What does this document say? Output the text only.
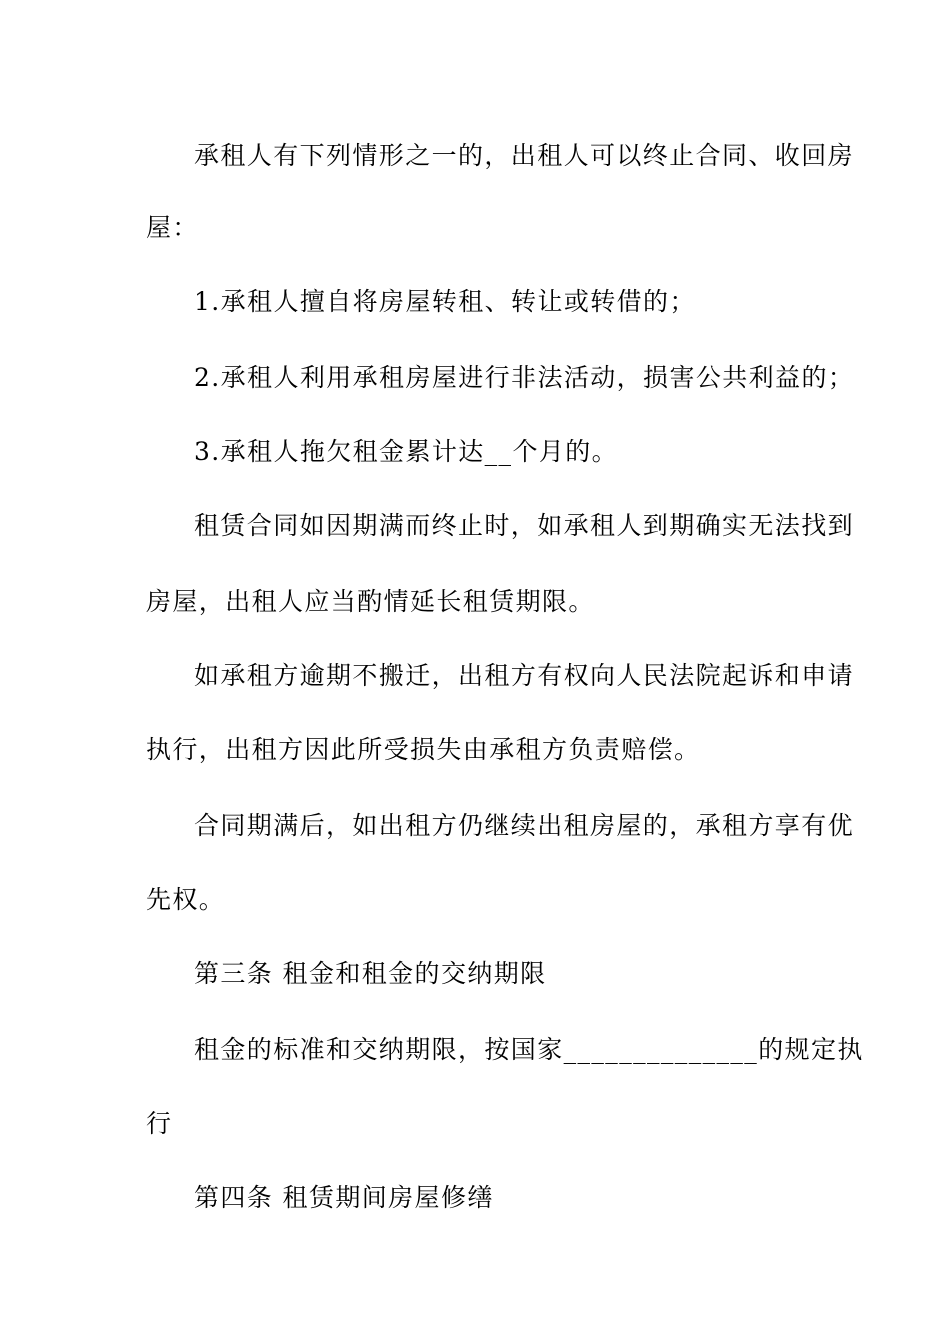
承租人有下列情形之一的，出租人可以终止合同、收回房
屋：
1.承租人擅自将房屋转租、转让或转借的；
2.承租人利用承租房屋进行非法活动，损害公共利益的；
3.承租人拖欠租金累计达__个月的。
租赁合同如因期满而终止时，如承租人到期确实无法找到
房屋，出租人应当酌情延长租赁期限。
如承租方逾期不搬迁，出租方有权向人民法院起诉和申请
执行，出租方因此所受损失由承租方负责赔偿。
合同期满后，如出租方仍继续出租房屋的，承租方享有优
先权。
第三条 租金和租金的交纳期限
租金的标准和交纳期限，按国家______________的规定执
行
第四条 租赁期间房屋修缮
